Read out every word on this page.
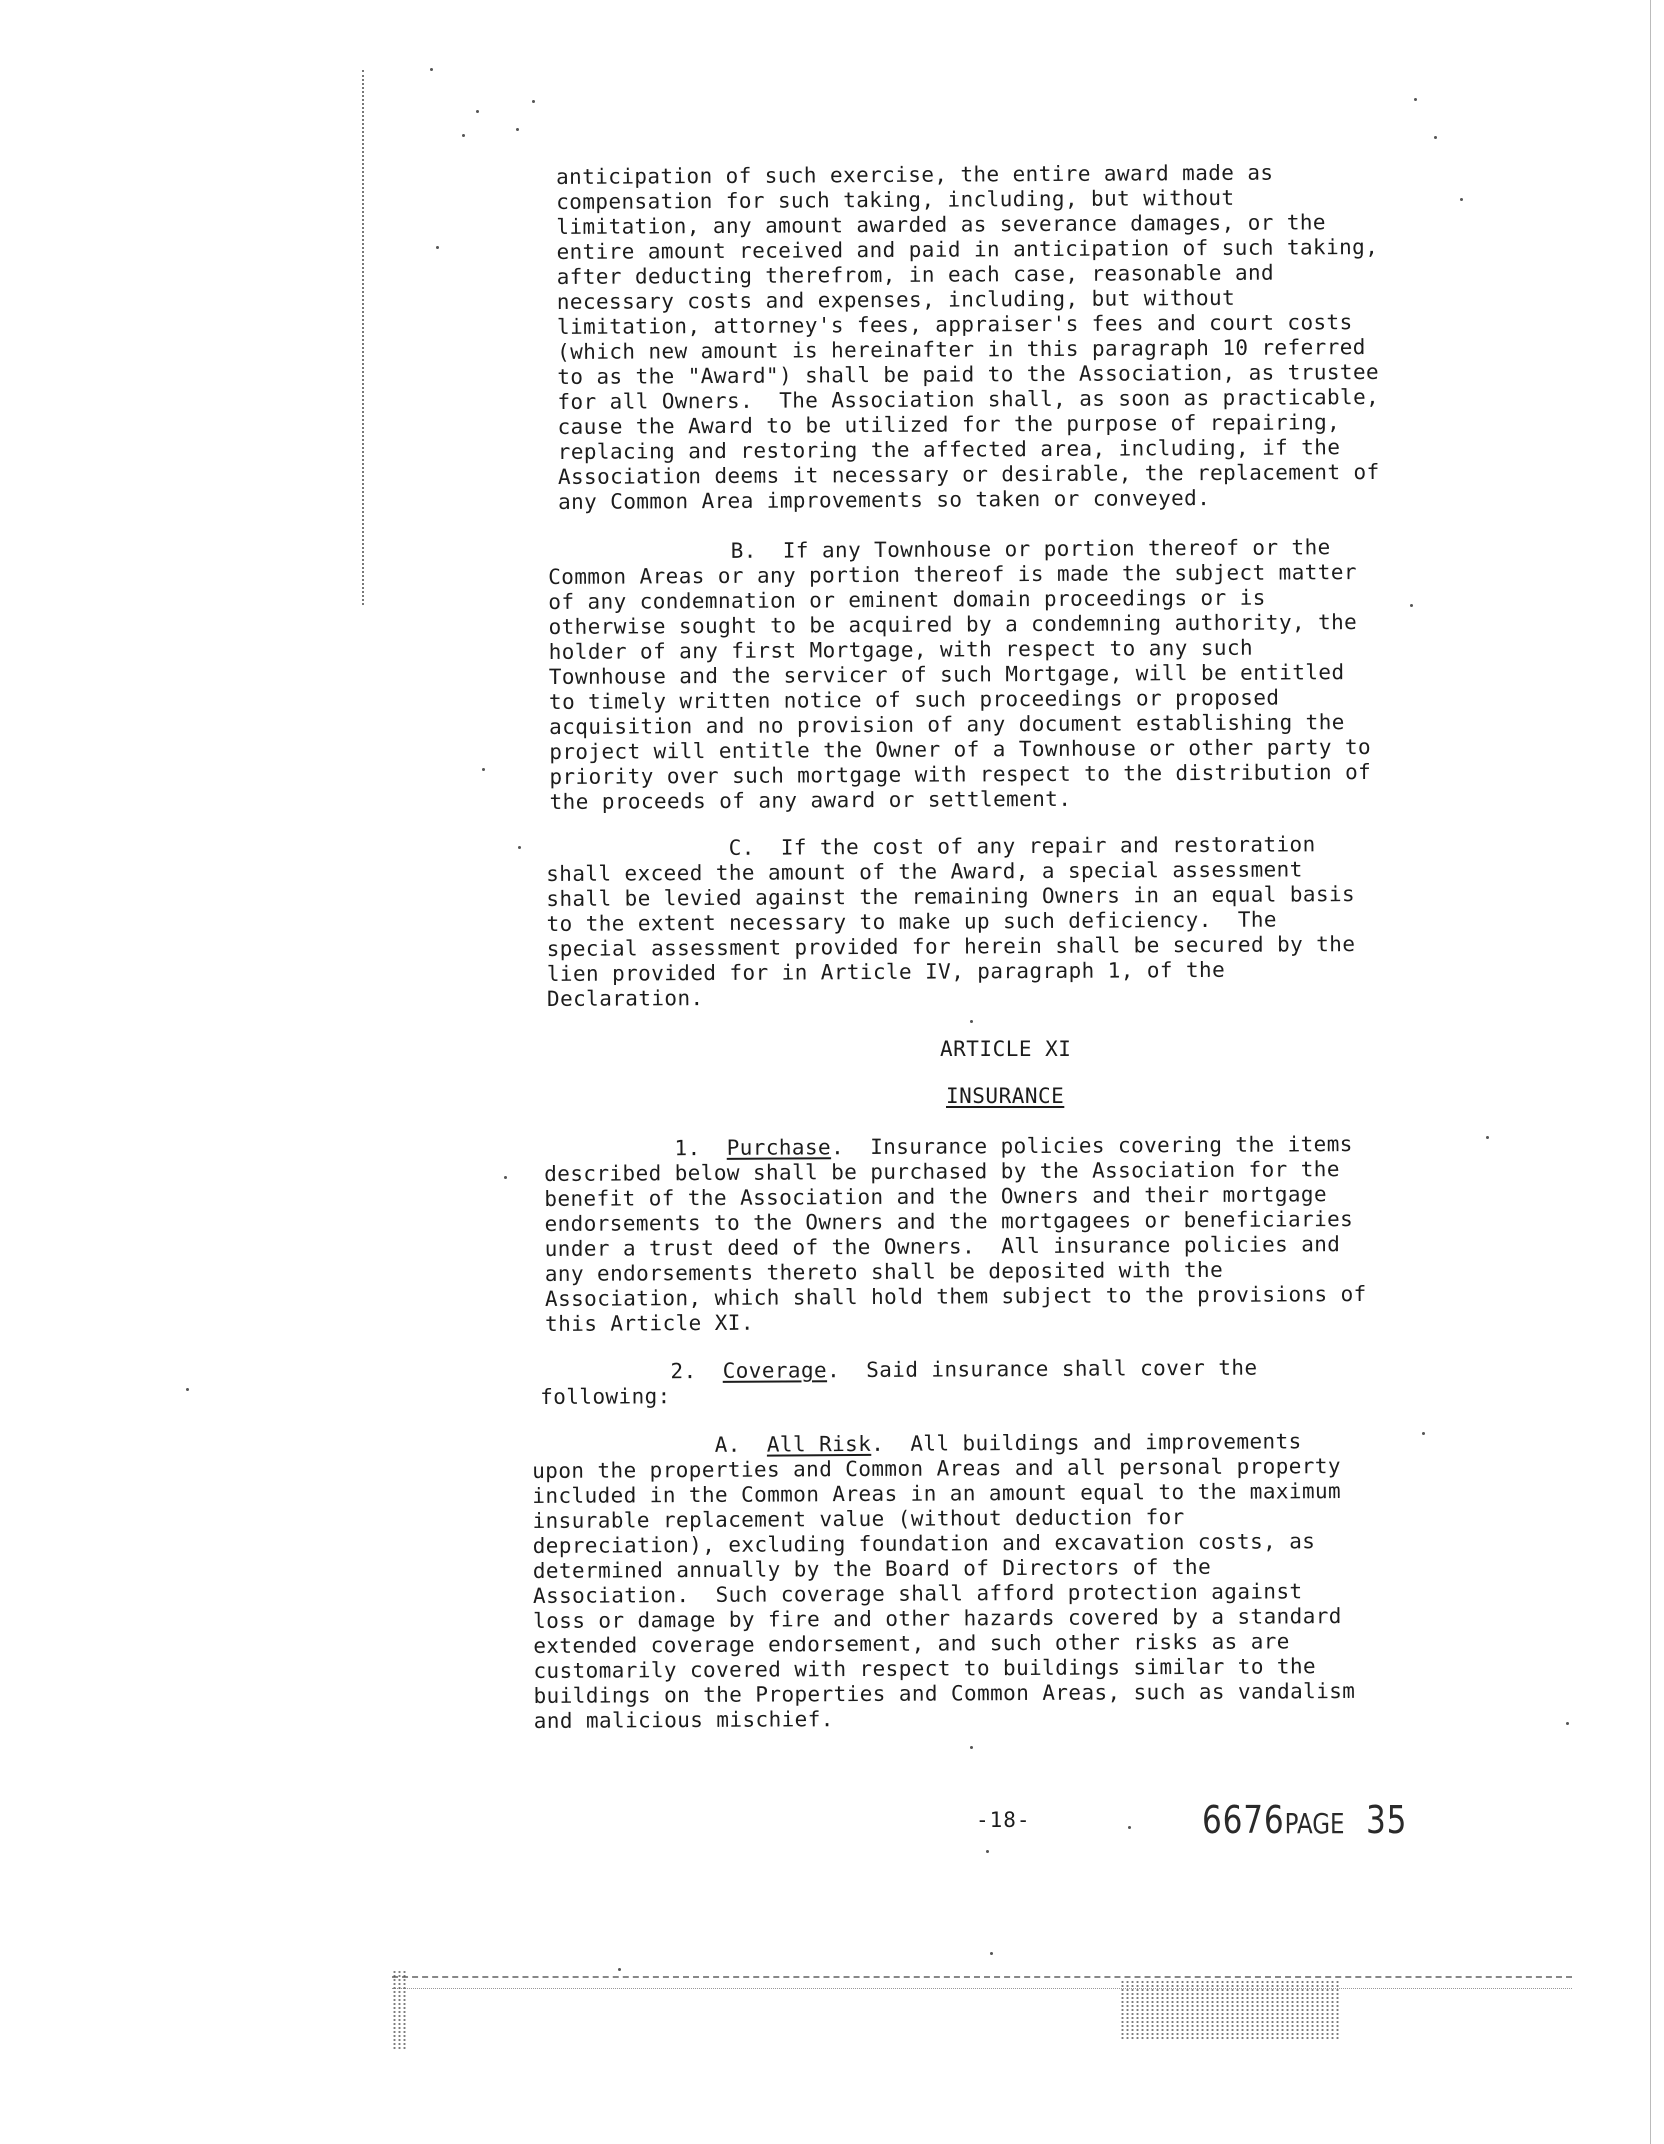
anticipation of such exercise, the entire award made as
compensation for such taking, including, but without
limitation, any amount awarded as severance damages, or the
entire amount received and paid in anticipation of such taking,
after deducting therefrom, in each case, reasonable and
necessary costs and expenses, including, but without
limitation, attorney's fees, appraiser's fees and court costs
(which new amount is hereinafter in this paragraph 10 referred
to as the "Award") shall be paid to the Association, as trustee
for all Owners.  The Association shall, as soon as practicable,
cause the Award to be utilized for the purpose of repairing,
replacing and restoring the affected area, including, if the
Association deems it necessary or desirable, the replacement of
any Common Area improvements so taken or conveyed.

B.  If any Townhouse or portion thereof or the
Common Areas or any portion thereof is made the subject matter
of any condemnation or eminent domain proceedings or is
otherwise sought to be acquired by a condemning authority, the
holder of any first Mortgage, with respect to any such
Townhouse and the servicer of such Mortgage, will be entitled
to timely written notice of such proceedings or proposed
acquisition and no provision of any document establishing the
project will entitle the Owner of a Townhouse or other party to
priority over such mortgage with respect to the distribution of
the proceeds of any award or settlement.

C.  If the cost of any repair and restoration
shall exceed the amount of the Award, a special assessment
shall be levied against the remaining Owners in an equal basis
to the extent necessary to make up such deficiency.  The
special assessment provided for herein shall be secured by the
lien provided for in Article IV, paragraph 1, of the
Declaration.

ARTICLE XI
INSURANCE

1.  Purchase.  Insurance policies covering the items
described below shall be purchased by the Association for the
benefit of the Association and the Owners and their mortgage
endorsements to the Owners and the mortgagees or beneficiaries
under a trust deed of the Owners.  All insurance policies and
any endorsements thereto shall be deposited with the
Association, which shall hold them subject to the provisions of
this Article XI.

2.  Coverage.  Said insurance shall cover the
following:

A.  All Risk.  All buildings and improvements
upon the properties and Common Areas and all personal property
included in the Common Areas in an amount equal to the maximum
insurable replacement value (without deduction for
depreciation), excluding foundation and excavation costs, as
determined annually by the Board of Directors of the
Association.  Such coverage shall afford protection against
loss or damage by fire and other hazards covered by a standard
extended coverage endorsement, and such other risks as are
customarily covered with respect to buildings similar to the
buildings on the Properties and Common Areas, such as vandalism
and malicious mischief.

-18-	6676PAGE 35
